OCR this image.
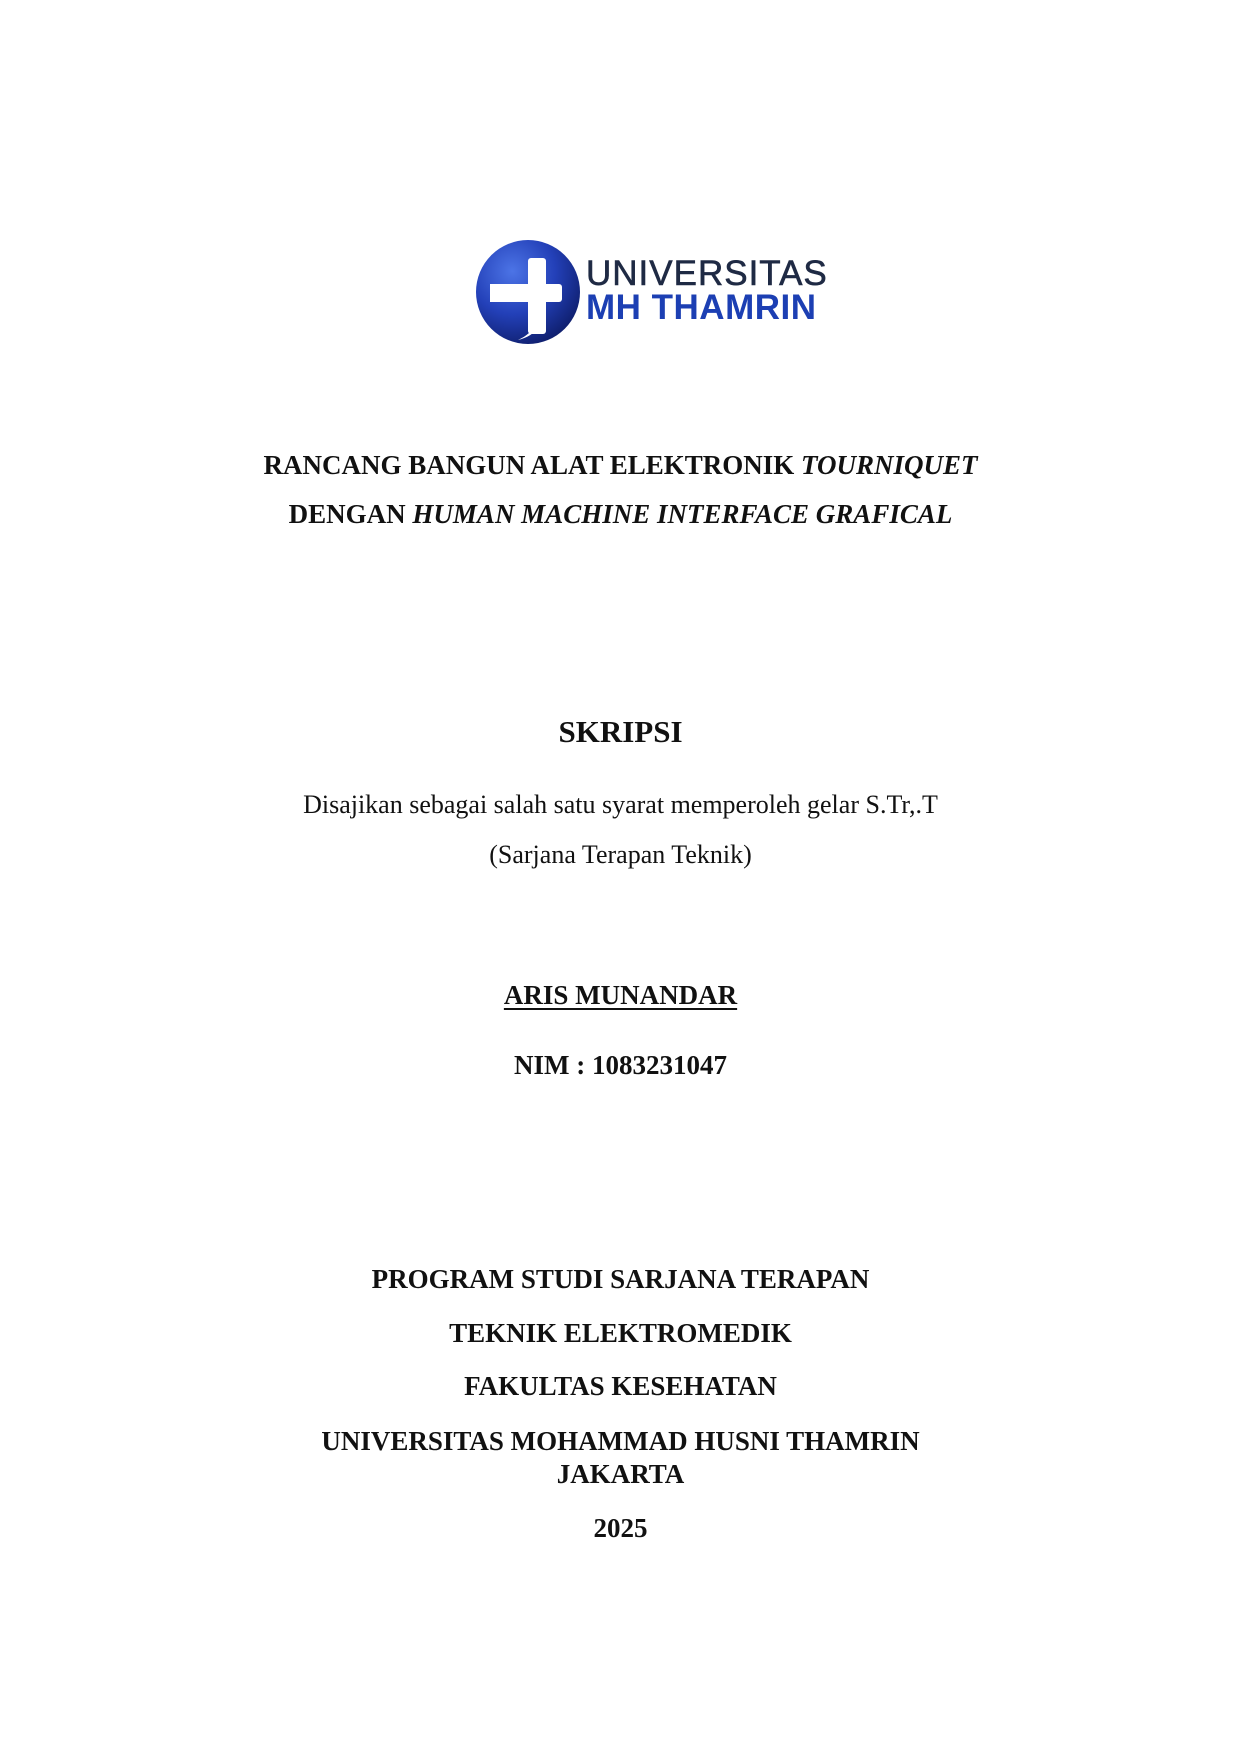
UNIVERSITAS
MH THAMRIN
RANCANG BANGUN ALAT ELEKTRONIK TOURNIQUET
DENGAN HUMAN MACHINE INTERFACE GRAFICAL
SKRIPSI
Disajikan sebagai salah satu syarat memperoleh gelar S.Tr,.T
(Sarjana Terapan Teknik)
ARIS MUNANDAR
NIM : 1083231047
PROGRAM STUDI SARJANA TERAPAN
TEKNIK ELEKTROMEDIK
FAKULTAS KESEHATAN
UNIVERSITAS MOHAMMAD HUSNI THAMRIN
JAKARTA
2025
